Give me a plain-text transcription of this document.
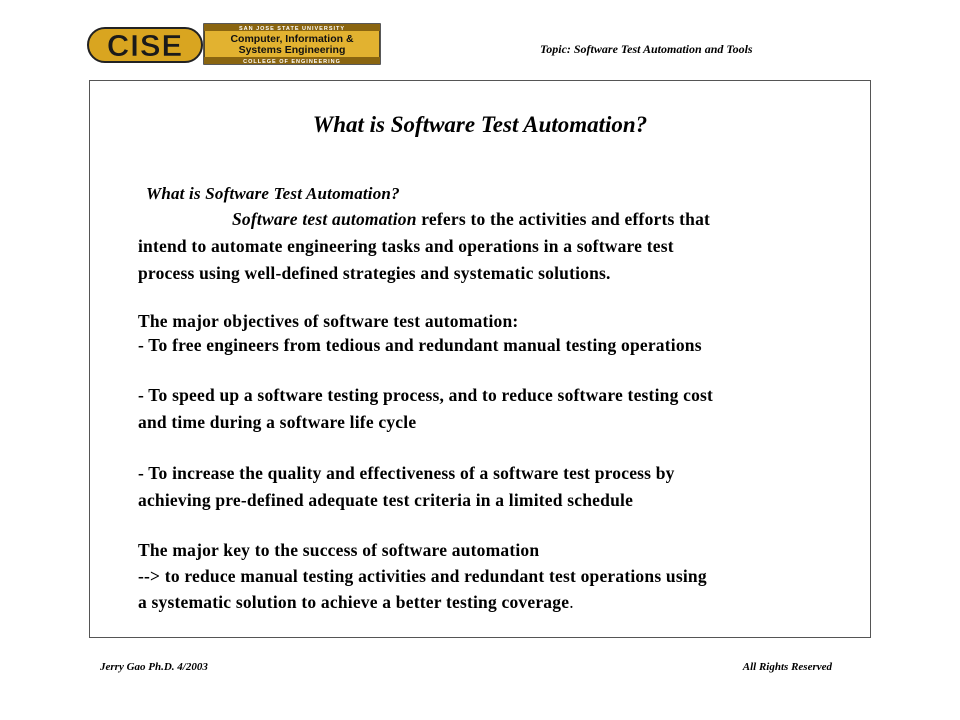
CISE	SAN JOSE STATE UNIVERSITY
Computer, Information &
Systems Engineering
COLLEGE OF ENGINEERING
Topic: Software Test Automation and Tools
What is Software Test Automation?
What is Software Test Automation?
Software test automation refers to the activities and efforts that
intend to automate engineering tasks and operations in a software test
process using well-defined strategies and systematic solutions.
The major objectives of software test automation:
- To free engineers from tedious and redundant manual testing operations
- To speed up a software testing process, and to reduce software testing cost
and time during a software life cycle
- To increase the quality and effectiveness of a software test process by
achieving pre-defined adequate test criteria in a limited schedule
The major key to the success of software automation
--> to reduce manual testing activities and redundant test operations using
a systematic solution to achieve a better testing coverage.
Jerry Gao Ph.D. 4/2003	All Rights Reserved
